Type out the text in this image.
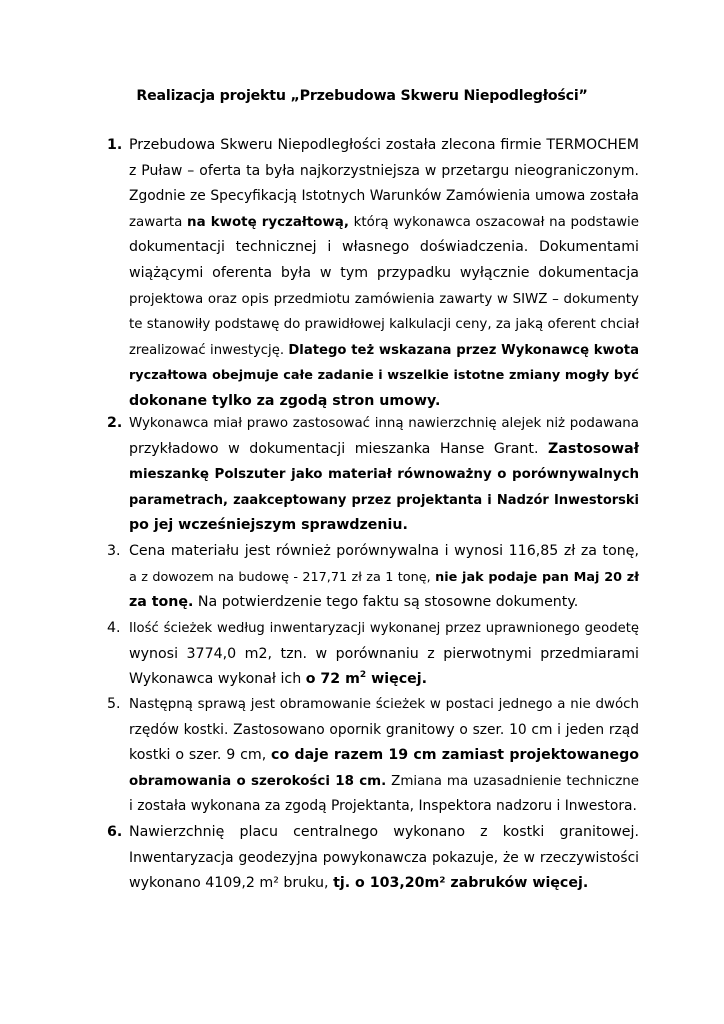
Realizacja projektu „Przebudowa Skweru Niepodległości”
1. Przebudowa Skweru Niepodległości została zlecona firmie TERMOCHEM
z Puław – oferta ta była najkorzystniejsza w przetargu nieograniczonym.
Zgodnie ze Specyfikacją Istotnych Warunków Zamówienia umowa została
zawarta na kwotę ryczałtową, którą wykonawca oszacował na podstawie
dokumentacji technicznej i własnego doświadczenia. Dokumentami
wiążącymi oferenta była w tym przypadku wyłącznie dokumentacja
projektowa oraz opis przedmiotu zamówienia zawarty w SIWZ – dokumenty
te stanowiły podstawę do prawidłowej kalkulacji ceny, za jaką oferent chciał
zrealizować inwestycję. Dlatego też wskazana przez Wykonawcę kwota
ryczałtowa obejmuje całe zadanie i wszelkie istotne zmiany mogły być
dokonane tylko za zgodą stron umowy.
2. Wykonawca miał prawo zastosować inną nawierzchnię alejek niż podawana
przykładowo w dokumentacji mieszanka Hanse Grant. Zastosował
mieszankę Polszuter jako materiał równoważny o porównywalnych
parametrach, zaakceptowany przez projektanta i Nadzór Inwestorski
po jej wcześniejszym sprawdzeniu.
3. Cena materiału jest również porównywalna i wynosi 116,85 zł za tonę,
a z dowozem na budowę - 217,71 zł za 1 tonę, nie jak podaje pan Maj 20 zł
za tonę. Na potwierdzenie tego faktu są stosowne dokumenty.
4. Ilość ścieżek według inwentaryzacji wykonanej przez uprawnionego geodetę
wynosi 3774,0 m2, tzn. w porównaniu z pierwotnymi przedmiarami
Wykonawca wykonał ich o 72 $m^2$ więcej.
5. Następną sprawą jest obramowanie ścieżek w postaci jednego a nie dwóch
rzędów kostki. Zastosowano opornik granitowy o szer. 10 cm i jeden rząd
kostki o szer. 9 cm, co daje razem 19 cm zamiast projektowanego
obramowania o szerokości 18 cm. Zmiana ma uzasadnienie techniczne
i została wykonana za zgodą Projektanta, Inspektora nadzoru i Inwestora.
6. Nawierzchnię placu centralnego wykonano z kostki granitowej.
Inwentaryzacja geodezyjna powykonawcza pokazuje, że w rzeczywistości
wykonano 4109,2 m² bruku, tj. o 103,20m² zabruków więcej.
